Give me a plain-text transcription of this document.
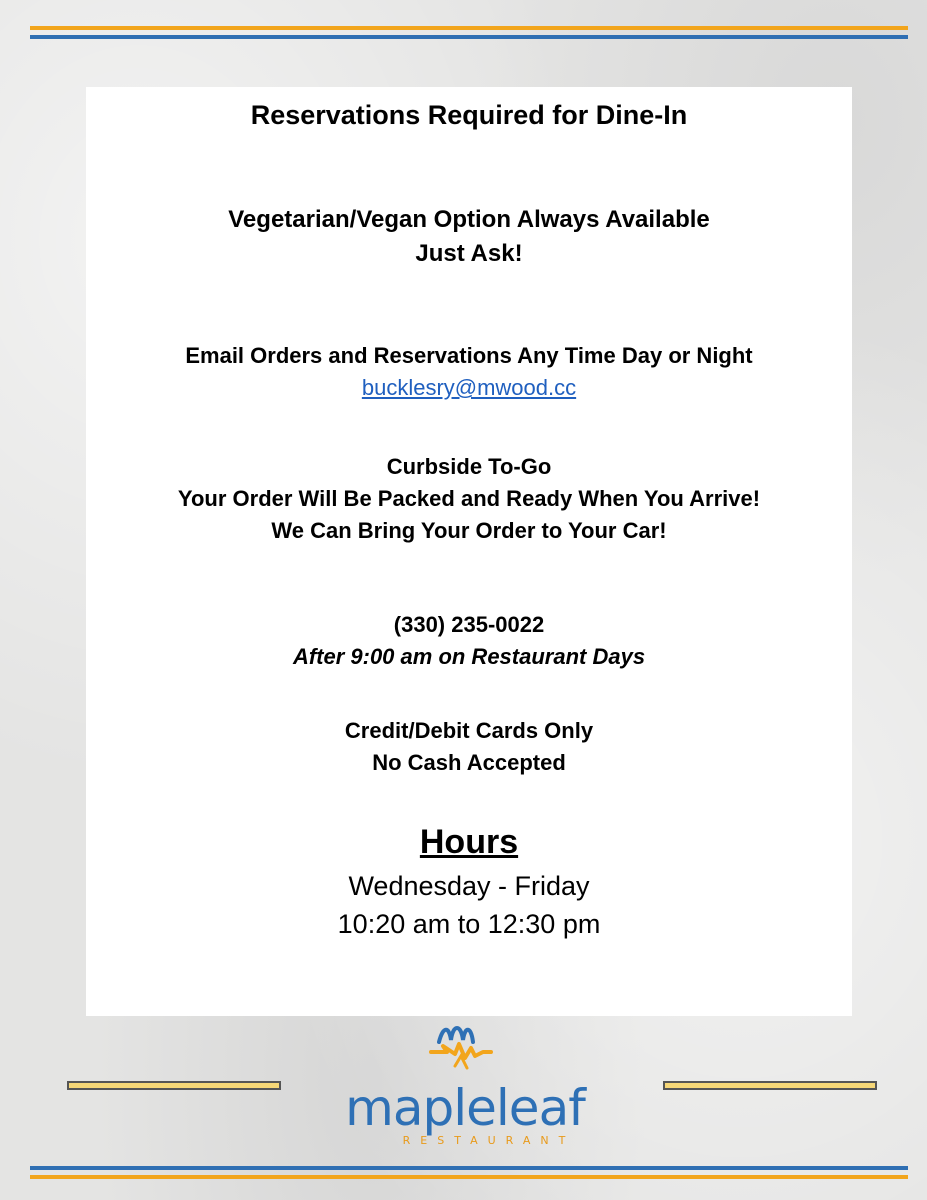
Reservations Required for Dine-In
Vegetarian/Vegan Option Always Available
Just Ask!
Email Orders and Reservations Any Time Day or Night
bucklesry@mwood.cc
Curbside To-Go
Your Order Will Be Packed and Ready When You Arrive!
We Can Bring Your Order to Your Car!
(330) 235-0022
After 9:00 am on Restaurant Days
Credit/Debit Cards Only
No Cash Accepted
Hours
Wednesday - Friday
10:20 am to 12:30 pm
mapleleaf
RESTAURANT
